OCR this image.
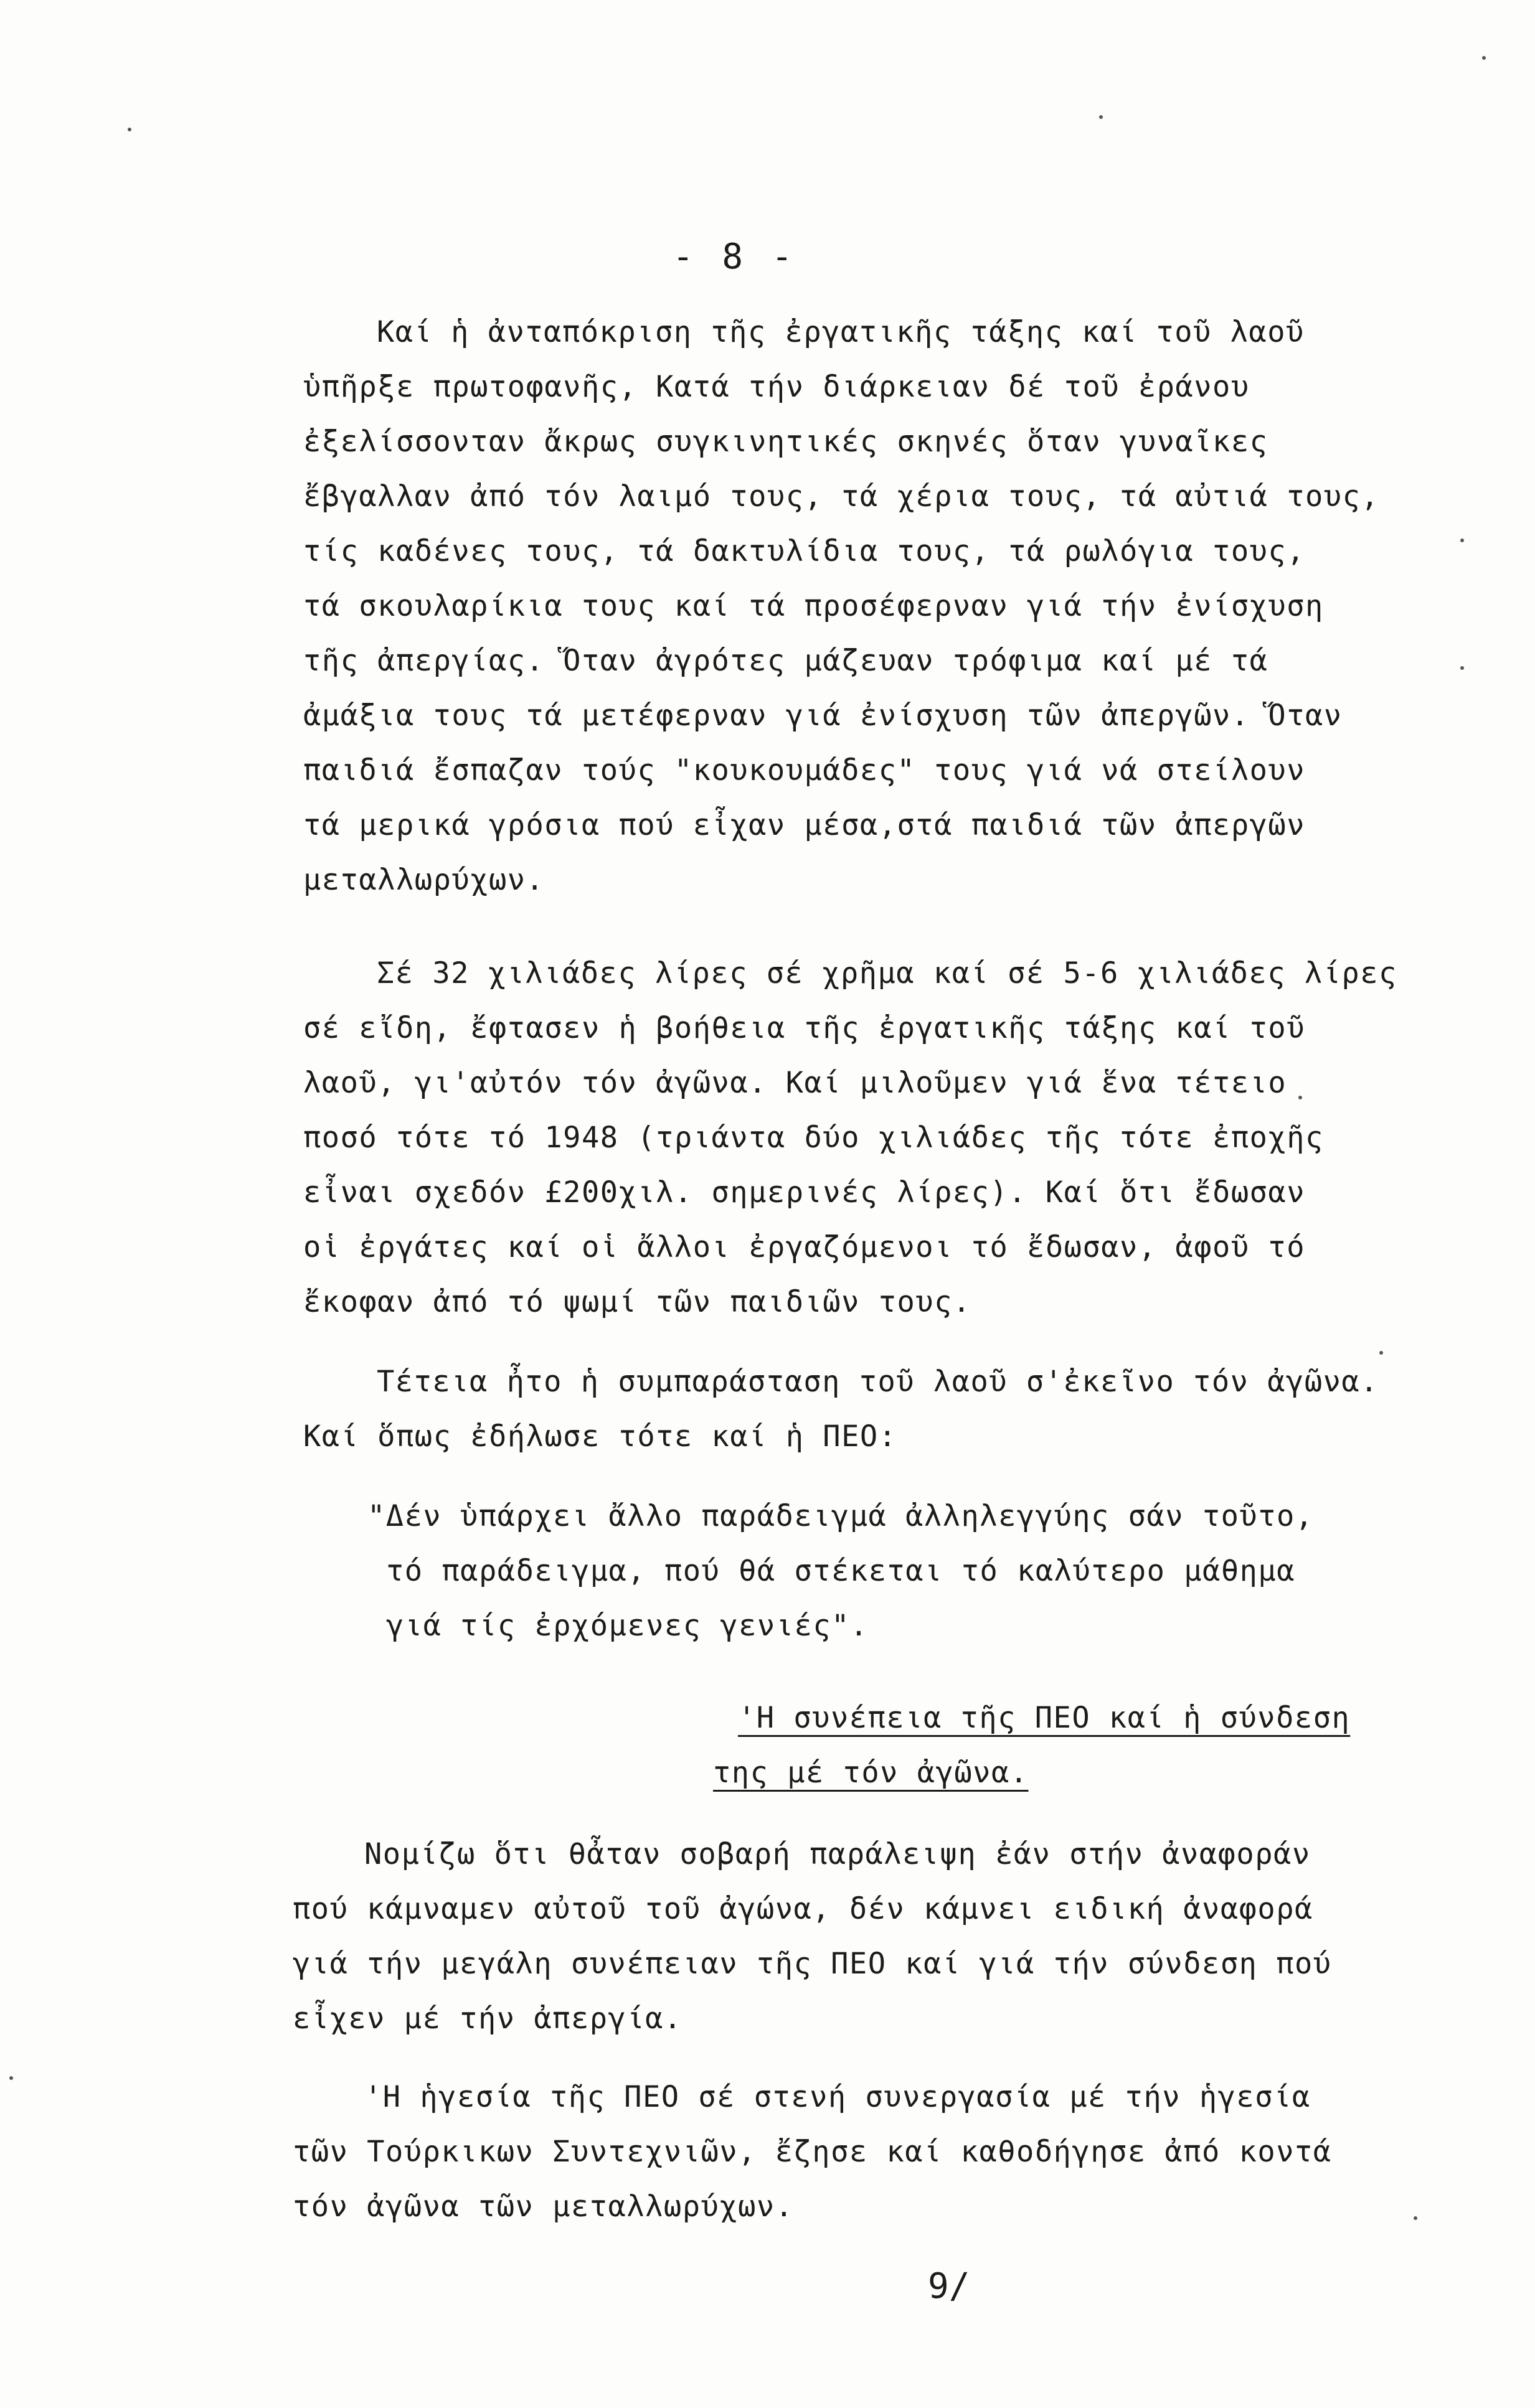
- 8 -
Καί ἡ ἀνταπόκριση τῆς ἐργατικῆς τάξης καί τοῦ λαοῦ
ὑπῆρξε πρωτοφανῆς, Κατά τήν διάρκειαν δέ τοῦ ἐράνου
ἐξελίσσονταν ἄκρως συγκινητικές σκηνές ὅταν γυναῖκες
ἔβγαλλαν ἀπό τόν λαιμό τους, τά χέρια τους, τά αὐτιά τους,
τίς καδένες τους, τά δακτυλίδια τους, τά ρωλόγια τους,
τά σκουλαρίκια τους καί τά προσέφερναν γιά τήν ἐνίσχυση
τῆς ἀπεργίας. Ὅταν ἀγρότες μάζευαν τρόφιμα καί μέ τά
ἀμάξια τους τά μετέφερναν γιά ἐνίσχυση τῶν ἀπεργῶν. Ὅταν
παιδιά ἔσπαζαν τούς "κουκουμάδες" τους γιά νά στείλουν
τά μερικά γρόσια πού εἶχαν μέσα,στά παιδιά τῶν ἀπεργῶν
μεταλλωρύχων.
Σέ 32 χιλιάδες λίρες σέ χρῆμα καί σέ 5-6 χιλιάδες λίρες
σέ εἴδη, ἔφτασεν ἡ βοήθεια τῆς ἐργατικῆς τάξης καί τοῦ
λαοῦ, γι'αὐτόν τόν ἀγῶνα. Καί μιλοῦμεν γιά ἕνα τέτειο
ποσό τότε τό 1948 (τριάντα δύο χιλιάδες τῆς τότε ἐποχῆς
εἶναι σχεδόν £200χιλ. σημερινές λίρες). Καί ὅτι ἔδωσαν
οἱ ἐργάτες καί οἱ ἄλλοι ἐργαζόμενοι τό ἔδωσαν, ἀφοῦ τό
ἔκοφαν ἀπό τό ψωμί τῶν παιδιῶν τους.
Τέτεια ἦτο ἡ συμπαράσταση τοῦ λαοῦ σ'ἐκεῖνο τόν ἀγῶνα.
Καί ὅπως ἐδήλωσε τότε καί ἡ ΠΕΟ:
"Δέν ὑπάρχει ἄλλο παράδειγμά ἀλληλεγγύης σάν τοῦτο,
τό παράδειγμα, πού θά στέκεται τό καλύτερο μάθημα
γιά τίς ἐρχόμενες γενιές".
'Η συνέπεια τῆς ΠΕΟ καί ἡ σύνδεση
της μέ τόν ἀγῶνα.
Νομίζω ὅτι θἆταν σοβαρή παράλειψη ἐάν στήν ἀναφοράν
πού κάμναμεν αὐτοῦ τοῦ ἀγώνα, δέν κάμνει ειδική ἀναφορά
γιά τήν μεγάλη συνέπειαν τῆς ΠΕΟ καί γιά τήν σύνδεση πού
εἶχεν μέ τήν ἀπεργία.
'Η ἡγεσία τῆς ΠΕΟ σέ στενή συνεργασία μέ τήν ἡγεσία
τῶν Τούρκικων Συντεχνιῶν, ἔζησε καί καθοδήγησε ἀπό κοντά
τόν ἀγῶνα τῶν μεταλλωρύχων.
9/
